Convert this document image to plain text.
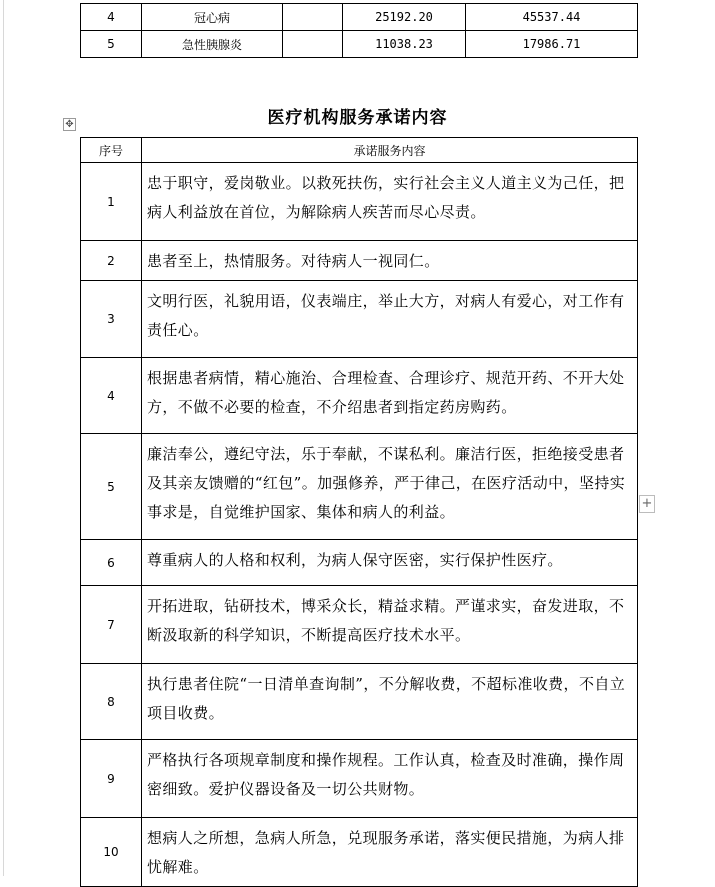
4	冠心病		25192.20	45537.44
5	急性胰腺炎		11038.23	17986.71
医疗机构服务承诺内容
✥
+
序号	承诺服务内容
1	忠于职守，爱岗敬业。以救死扶伤，实行社会主义人道主义为己任，把病人利益放在首位，为解除病人疾苦而尽心尽责。
2	患者至上，热情服务。对待病人一视同仁。
3	文明行医，礼貌用语，仪表端庄，举止大方，对病人有爱心，对工作有责任心。
4	根据患者病情，精心施治、合理检查、合理诊疗、规范开药、不开大处方，不做不必要的检查，不介绍患者到指定药房购药。
5	廉洁奉公，遵纪守法，乐于奉献，不谋私利。廉洁行医，拒绝接受患者及其亲友馈赠的“红包”。加强修养，严于律己，在医疗活动中，坚持实事求是，自觉维护国家、集体和病人的利益。
6	尊重病人的人格和权利，为病人保守医密，实行保护性医疗。
7	开拓进取，钻研技术，博采众长，精益求精。严谨求实，奋发进取，不断汲取新的科学知识，不断提高医疗技术水平。
8	执行患者住院“一日清单查询制”，不分解收费，不超标准收费，不自立项目收费。
9	严格执行各项规章制度和操作规程。工作认真，检查及时准确，操作周密细致。爱护仪器设备及一切公共财物。
10	想病人之所想，急病人所急，兑现服务承诺，落实便民措施，为病人排忧解难。
